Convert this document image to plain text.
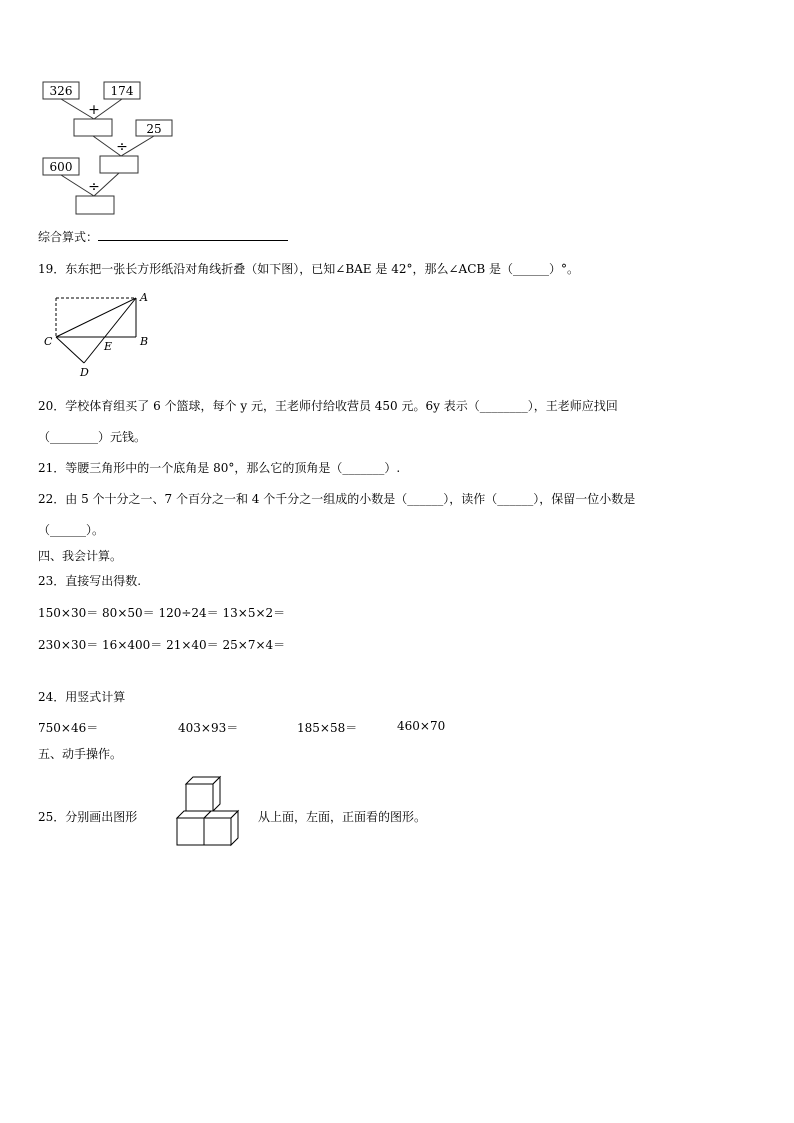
326	174
+
25
÷
600
÷
综合算式：
19．东东把一张长方形纸沿对角线折叠（如下图），已知∠BAE 是 42°，那么∠ACB 是（______）°。
A
B
C	E
D
20．学校体育组买了 6 个篮球，每个 y 元，王老师付给收营员 450 元。6y 表示（________），王老师应找回
（________）元钱。
21．等腰三角形中的一个底角是 80°，那么它的顶角是（_______）.
22．由 5 个十分之一、7 个百分之一和 4 个千分之一组成的小数是（______），读作（______），保留一位小数是
（______）。
四、我会计算。
23．直接写出得数.
150×30＝ 80×50＝ 120÷24＝ 13×5×2＝
230×30＝ 16×400＝ 21×40＝ 25×7×4＝
24．用竖式计算
750×46＝	403×93＝	185×58＝	460×70
五、动手操作。
25．分别画出图形	从上面，左面，正面看的图形。
